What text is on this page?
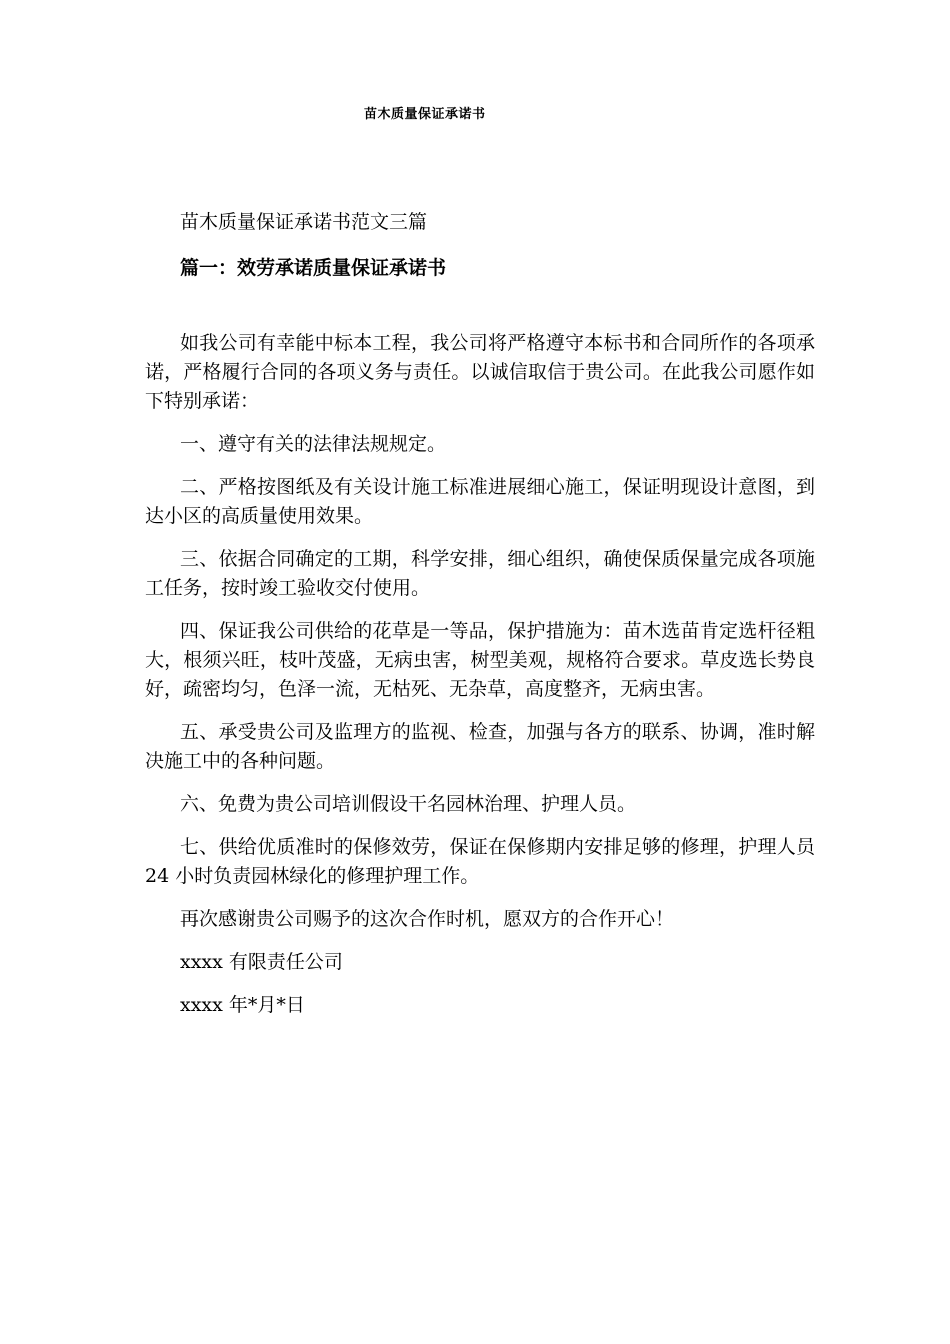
苗木质量保证承诺书
苗木质量保证承诺书范文三篇
篇一：效劳承诺质量保证承诺书

如我公司有幸能中标本工程，我公司将严格遵守本标书和合同所作的各项承诺，严格履行合同的各项义务与责任。以诚信取信于贵公司。在此我公司愿作如下特别承诺：

一、遵守有关的法律法规规定。

二、严格按图纸及有关设计施工标准进展细心施工，保证明现设计意图，到达小区的高质量使用效果。

三、依据合同确定的工期，科学安排，细心组织，确使保质保量完成各项施工任务，按时竣工验收交付使用。

四、保证我公司供给的花草是一等品，保护措施为：苗木选苗肯定选杆径粗大，根须兴旺，枝叶茂盛，无病虫害，树型美观，规格符合要求。草皮选长势良好，疏密均匀，色泽一流，无枯死、无杂草，高度整齐，无病虫害。

五、承受贵公司及监理方的监视、检查，加强与各方的联系、协调，准时解决施工中的各种问题。

六、免费为贵公司培训假设干名园林治理、护理人员。

七、供给优质准时的保修效劳，保证在保修期内安排足够的修理，护理人员 24 小时负责园林绿化的修理护理工作。

再次感谢贵公司赐予的这次合作时机，愿双方的合作开心！

xxxx 有限责任公司

xxxx 年*月*日
